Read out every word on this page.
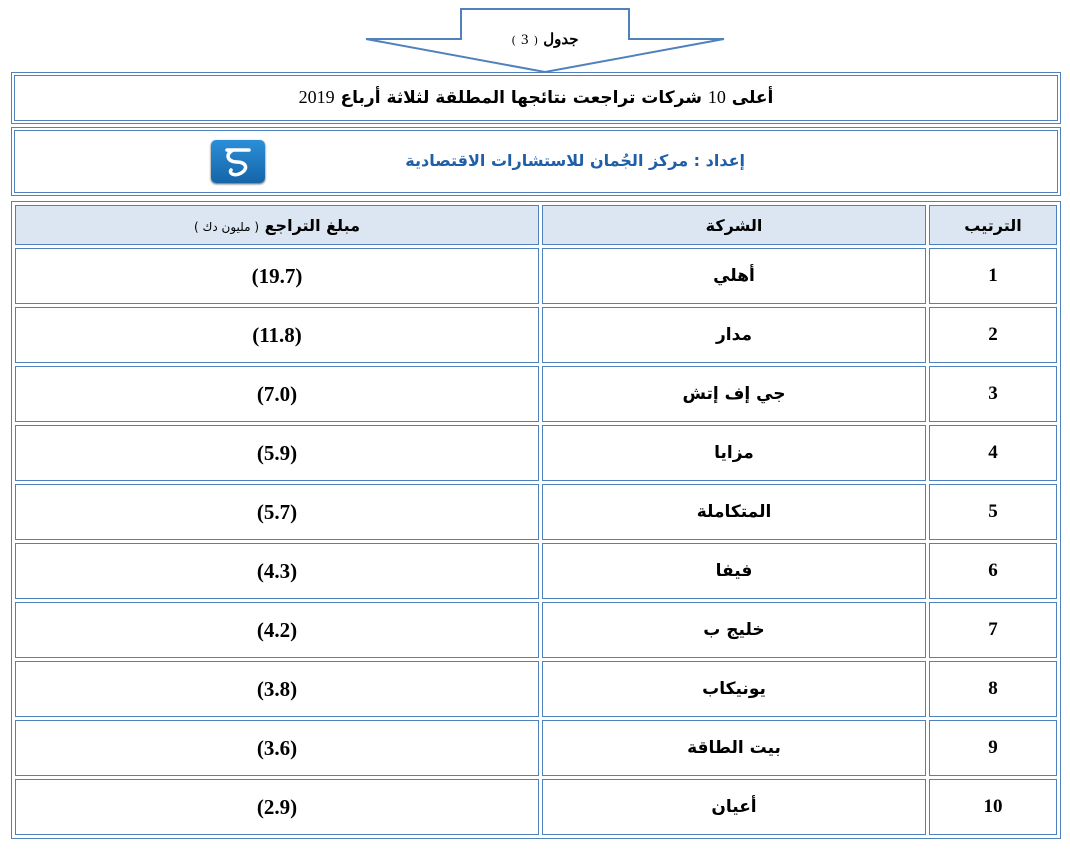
جدول ( 3 )
أعلى 10 شركات تراجعت نتائجها المطلقة لثلاثة أرباع 2019
إعداد : مركز الجُمان للاستشارات الاقتصادية
الترتيب	الشركة	مبلغ التراجع ( مليون دك )
1	أهلي	(19.7)
2	مدار	(11.8)
3	جي إف إتش	(7.0)
4	مزايا	(5.9)
5	المتكاملة	(5.7)
6	فيفا	(4.3)
7	خليج ب	(4.2)
8	يونيكاب	(3.8)
9	بيت الطاقة	(3.6)
10	أعيان	(2.9)
